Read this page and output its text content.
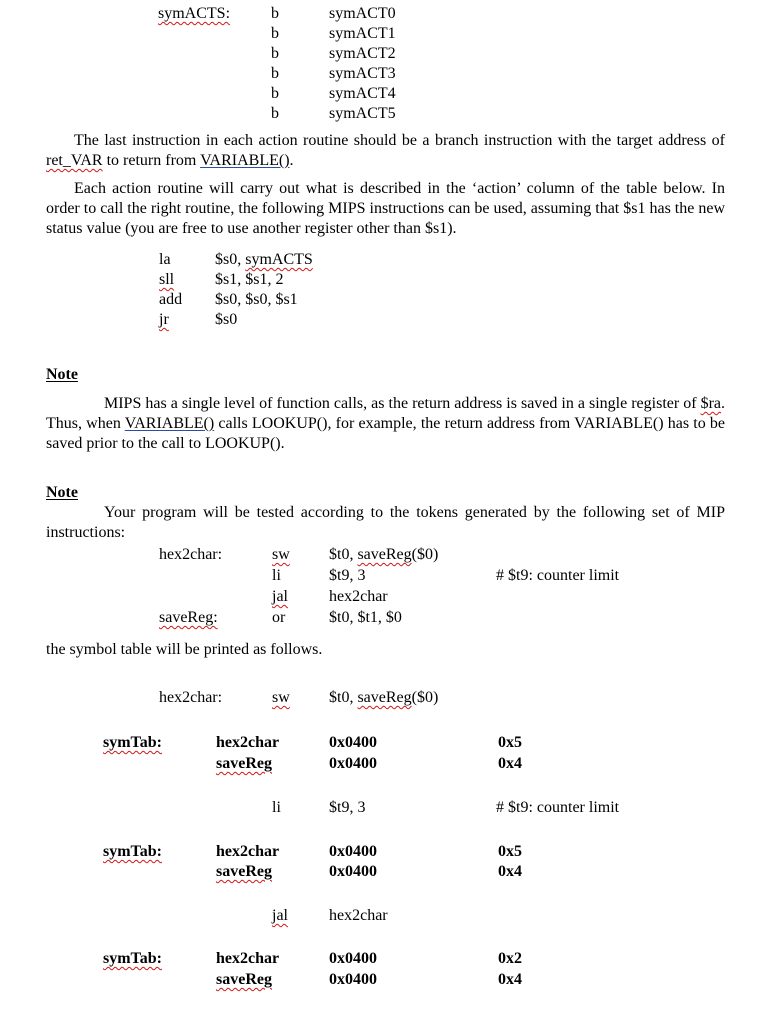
symACTS:	b	symACT0
b	symACT1
b	symACT2
b	symACT3
b	symACT4
b	symACT5

The last instruction in each action routine should be a branch instruction with the target address of ret_VAR to return from VARIABLE().

Each action routine will carry out what is described in the ‘action’ column of the table below. In order to call the right routine, the following MIPS instructions can be used, assuming that $s1 has the new status value (you are free to use another register other than $s1).

la	$s0, symACTS
sll	$s1, $s1, 2
add $s0, $s0, $s1
jr	$s0
Note

MIPS has a single level of function calls, as the return address is saved in a single register of $ra. Thus, when VARIABLE() calls LOOKUP(), for example, the return address from VARIABLE() has to be saved prior to the call to LOOKUP().

Note

Your program will be tested according to the tokens generated by the following set of MIP instructions:

hex2char:	sw $t0, saveReg($0)
li	$t9, 3	# $t9: counter limit
jal	hex2char
saveReg:	or	$t0, $t1, $0
the symbol table will be printed as follows.
hex2char:	sw $t0, saveReg($0)
symTab:	hex2char	0x0400	0x5
saveReg	0x0400	0x4
li	$t9, 3	# $t9: counter limit
symTab:	hex2char	0x0400	0x5
saveReg	0x0400	0x4
jal	hex2char
symTab:	hex2char	0x0400	0x2
saveReg	0x0400	0x4
